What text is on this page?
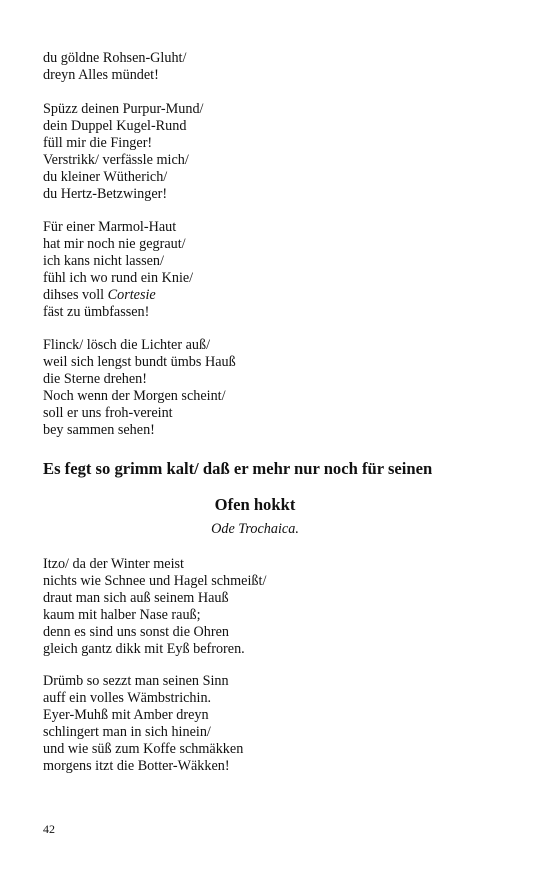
du göldne Rohsen-Gluht/
dreyn Alles mündet!
Spüzz deinen Purpur-Mund/
dein Duppel Kugel-Rund
füll mir die Finger!
Verstrikk/ verfässle mich/
du kleiner Wütherich/
du Hertz-Betzwinger!
Für einer Marmol-Haut
hat mir noch nie gegraut/
ich kans nicht lassen/
fühl ich wo rund ein Knie/
dihses voll Cortesie
fäst zu ümbfassen!
Flinck/ lösch die Lichter auß/
weil sich lengst bundt ümbs Hauß
die Sterne drehen!
Noch wenn der Morgen scheint/
soll er uns froh-vereint
bey sammen sehen!
Es fegt so grimm kalt/ daß er mehr nur noch für seinen
Ofen hokkt

Ode Trochaica.

Itzo/ da der Winter meist
nichts wie Schnee und Hagel schmeißt/
draut man sich auß seinem Hauß
kaum mit halber Nase rauß;
denn es sind uns sonst die Ohren
gleich gantz dikk mit Eyß befroren.
Drümb so sezzt man seinen Sinn
auff ein volles Wämbstrichin.
Eyer-Muhß mit Amber dreyn
schlingert man in sich hinein/
und wie süß zum Koffe schmäkken
morgens itzt die Botter-Wäkken!
42
